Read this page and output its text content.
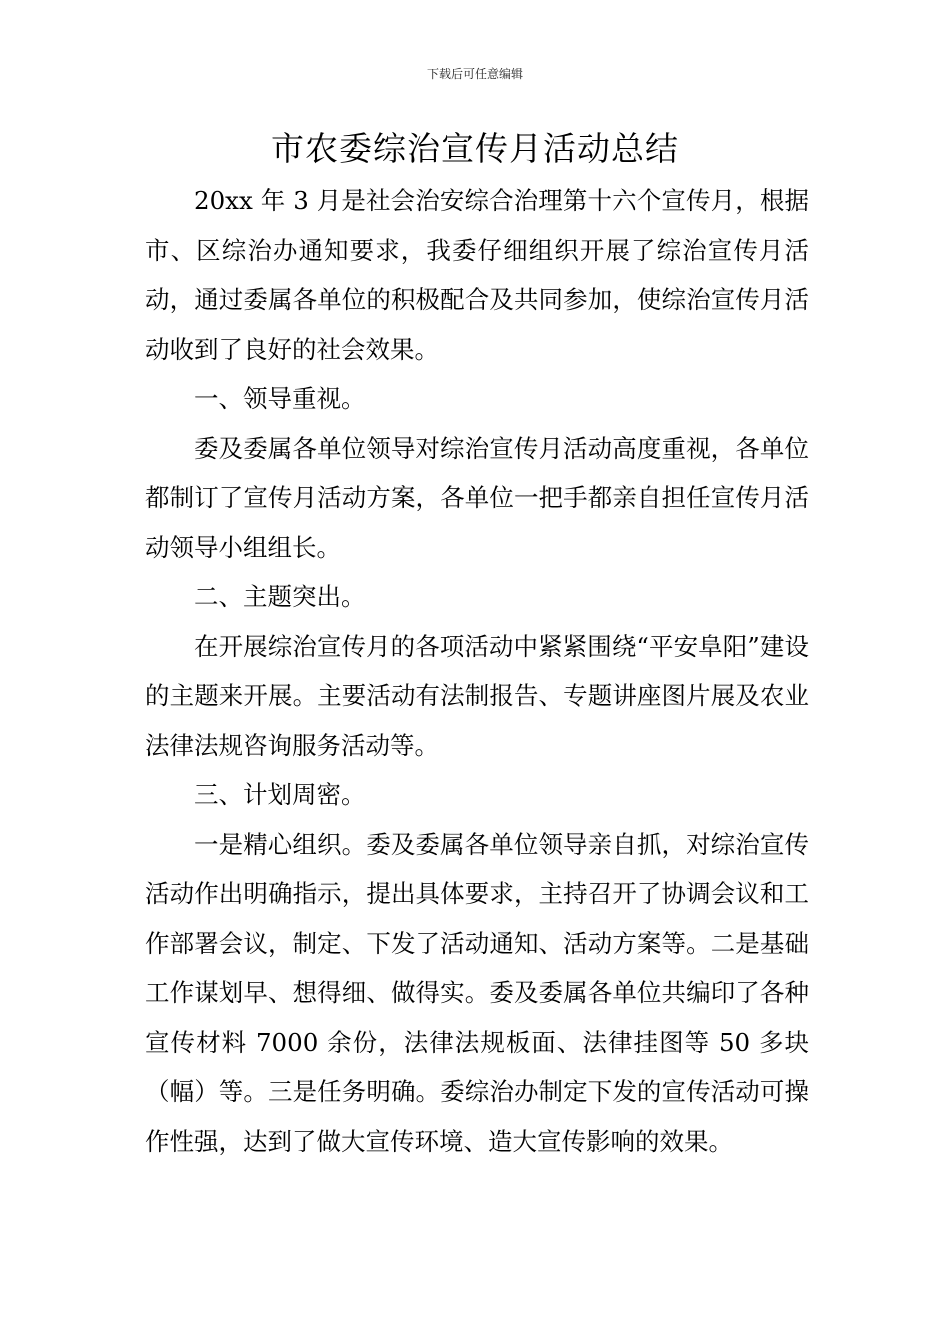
下载后可任意编辑
市农委综治宣传月活动总结

20xx 年 3 月是社会治安综合治理第十六个宣传月，根据市、区综治办通知要求，我委仔细组织开展了综治宣传月活动，通过委属各单位的积极配合及共同参加，使综治宣传月活动收到了良好的社会效果。

一、领导重视。

委及委属各单位领导对综治宣传月活动高度重视，各单位都制订了宣传月活动方案，各单位一把手都亲自担任宣传月活动领导小组组长。

二、主题突出。

在开展综治宣传月的各项活动中紧紧围绕“平安阜阳”建设的主题来开展。主要活动有法制报告、专题讲座图片展及农业法律法规咨询服务活动等。

三、计划周密。

一是精心组织。委及委属各单位领导亲自抓，对综治宣传活动作出明确指示，提出具体要求，主持召开了协调会议和工作部署会议，制定、下发了活动通知、活动方案等。二是基础工作谋划早、想得细、做得实。委及委属各单位共编印了各种宣传材料 7000 余份，法律法规板面、法律挂图等 50 多块（幅）等。三是任务明确。委综治办制定下发的宣传活动可操作性强，达到了做大宣传环境、造大宣传影响的效果。
